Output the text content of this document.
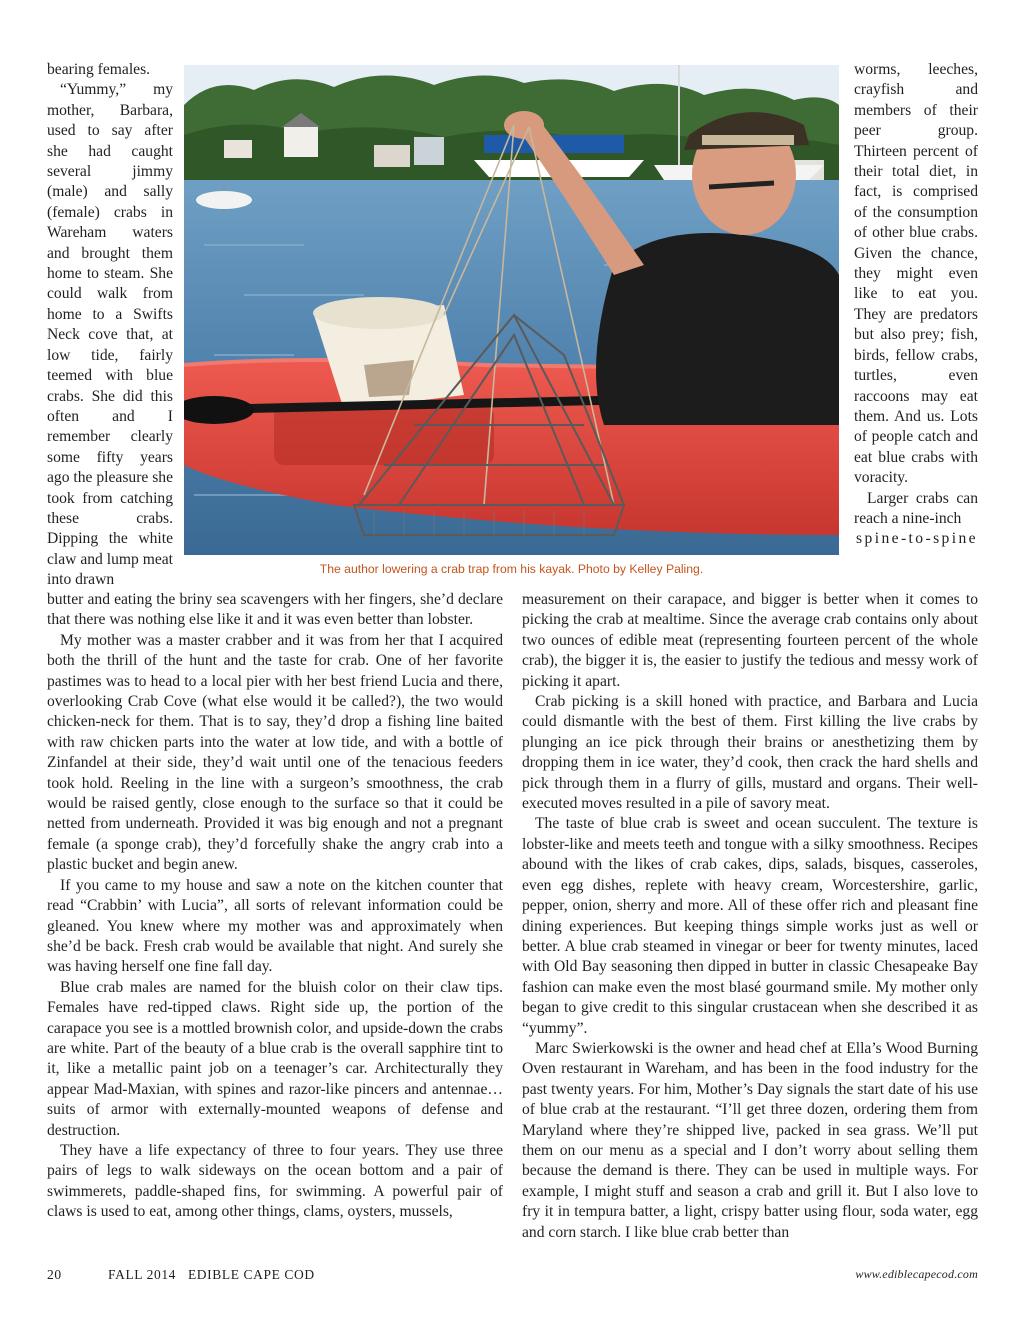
bearing females.

“Yummy,” my mother, Barbara, used to say after she had caught several jimmy (male) and sally (female) crabs in Wareham waters and brought them home to steam. She could walk from home to a Swifts Neck cove that, at low tide, fairly teemed with blue crabs. She did this often and I remember clearly some fifty years ago the pleasure she took from catching these crabs. Dipping the white claw and lump meat into drawn

The author lowering a crab trap from his kayak. Photo by Kelley Paling.

worms, leeches, crayfish and members of their peer group. Thirteen percent of their total diet, in fact, is comprised of the consumption of other blue crabs. Given the chance, they might even like to eat you. They are predators but also prey; fish, birds, fellow crabs, turtles, even raccoons may eat them. And us. Lots of people catch and eat blue crabs with voracity.

Larger crabs can reach a nine-inch

spine-to-spine

butter and eating the briny sea scavengers with her fingers, she’d declare that there was nothing else like it and it was even better than lobster.

My mother was a master crabber and it was from her that I acquired both the thrill of the hunt and the taste for crab. One of her favorite pastimes was to head to a local pier with her best friend Lucia and there, overlooking Crab Cove (what else would it be called?), the two would chicken-neck for them. That is to say, they’d drop a fishing line baited with raw chicken parts into the water at low tide, and with a bottle of Zinfandel at their side, they’d wait until one of the tenacious feeders took hold. Reeling in the line with a surgeon’s smoothness, the crab would be raised gently, close enough to the surface so that it could be netted from underneath. Provided it was big enough and not a pregnant female (a sponge crab), they’d forcefully shake the angry crab into a plastic bucket and begin anew.

If you came to my house and saw a note on the kitchen counter that read “Crabbin’ with Lucia”, all sorts of relevant information could be gleaned. You knew where my mother was and approximately when she’d be back. Fresh crab would be available that night. And surely she was having herself one fine fall day.

Blue crab males are named for the bluish color on their claw tips. Females have red-tipped claws. Right side up, the portion of the carapace you see is a mottled brownish color, and upside-down the crabs are white. Part of the beauty of a blue crab is the overall sapphire tint to it, like a metallic paint job on a teenager’s car. Architecturally they appear Mad-Maxian, with spines and razor-like pincers and antennae…suits of armor with externally-mounted weapons of defense and destruction.

They have a life expectancy of three to four years. They use three pairs of legs to walk sideways on the ocean bottom and a pair of swimmerets, paddle-shaped fins, for swimming. A powerful pair of claws is used to eat, among other things, clams, oysters, mussels,

measurement on their carapace, and bigger is better when it comes to picking the crab at mealtime. Since the average crab contains only about two ounces of edible meat (representing fourteen percent of the whole crab), the bigger it is, the easier to justify the tedious and messy work of picking it apart.

Crab picking is a skill honed with practice, and Barbara and Lucia could dismantle with the best of them. First killing the live crabs by plunging an ice pick through their brains or anesthetizing them by dropping them in ice water, they’d cook, then crack the hard shells and pick through them in a flurry of gills, mustard and organs. Their well-executed moves resulted in a pile of savory meat.

The taste of blue crab is sweet and ocean succulent. The texture is lobster-like and meets teeth and tongue with a silky smoothness. Recipes abound with the likes of crab cakes, dips, salads, bisques, casseroles, even egg dishes, replete with heavy cream, Worcestershire, garlic, pepper, onion, sherry and more. All of these offer rich and pleasant fine dining experiences. But keeping things simple works just as well or better. A blue crab steamed in vinegar or beer for twenty minutes, laced with Old Bay seasoning then dipped in butter in classic Chesapeake Bay fashion can make even the most blasé gourmand smile. My mother only began to give credit to this singular crustacean when she described it as “yummy”.

Marc Swierkowski is the owner and head chef at Ella’s Wood Burning Oven restaurant in Wareham, and has been in the food industry for the past twenty years. For him, Mother’s Day signals the start date of his use of blue crab at the restaurant. “I’ll get three dozen, ordering them from Maryland where they’re shipped live, packed in sea grass. We’ll put them on our menu as a special and I don’t worry about selling them because the demand is there. They can be used in multiple ways. For example, I might stuff and season a crab and grill it. But I also love to fry it in tempura batter, a light, crispy batter using flour, soda water, egg and corn starch. I like blue crab better than

20	FALL 2014   EDIBLE CAPE COD	www.ediblecapecod.com
